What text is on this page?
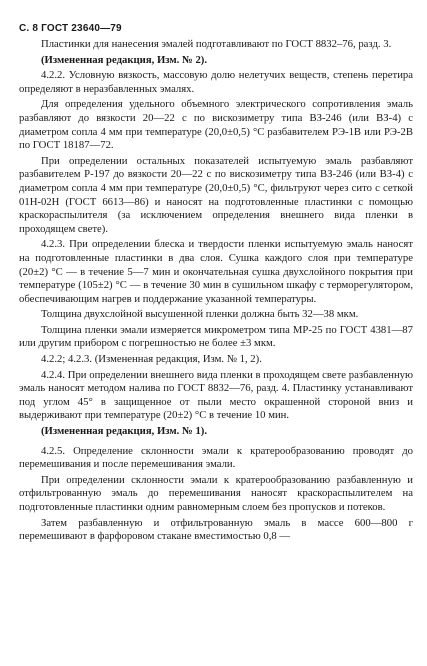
С. 8 ГОСТ 23640—79

Пластинки для нанесения эмалей подготавливают по ГОСТ 8832–76, разд. 3.

(Измененная редакция, Изм. № 2).

4.2.2. Условную вязкость, массовую долю нелетучих веществ, степень перетира определяют в неразбавленных эмалях.

Для определения удельного объемного электрического сопротивления эмаль разбавляют до вязкости 20—22 с по вискозиметру типа ВЗ-246 (или ВЗ-4) с диаметром сопла 4 мм при температуре (20,0±0,5) °С разбавителем РЭ-1В или РЭ-2В по ГОСТ 18187—72.

При определении остальных показателей испытуемую эмаль разбавляют разбавителем Р-197 до вязкости 20—22 с по вискозиметру типа ВЗ-246 (или ВЗ-4) с диаметром сопла 4 мм при температуре (20,0±0,5) °С, фильтруют через сито с сеткой 01Н-02Н (ГОСТ 6613—86) и наносят на подготовленные пластинки с помощью краскораспылителя (за исключением определения внешнего вида пленки в проходящем свете).

4.2.3. При определении блеска и твердости пленки испытуемую эмаль наносят на подготовленные пластинки в два слоя. Сушка каждого слоя при температуре (20±2) °С — в течение 5—7 мин и окончательная сушка двухслойного покрытия при температуре (105±2) °С — в течение 30 мин в сушильном шкафу с терморегулятором, обеспечивающим нагрев и поддержание указанной температуры.

Толщина двухслойной высушенной пленки должна быть 32—38 мкм.

Толщина пленки эмали измеряется микрометром типа МР-25 по ГОСТ 4381—87 или другим прибором с погрешностью не более ±3 мкм.

4.2.2; 4.2.3. (Измененная редакция, Изм. № 1, 2).

4.2.4. При определении внешнего вида пленки в проходящем свете разбавленную эмаль наносят методом налива по ГОСТ 8832—76, разд. 4. Пластинку устанавливают под углом 45° в защищенное от пыли место окрашенной стороной вниз и выдерживают при температуре (20±2) °С в течение 10 мин.

(Измененная редакция, Изм. № 1).

4.2.5. Определение склонности эмали к кратерообразованию проводят до перемешивания и после перемешивания эмали.

При определении склонности эмали к кратерообразованию разбавленную и отфильтрованную эмаль до перемешивания наносят краскораспылителем на подготовленные пластинки одним равномерным слоем без пропусков и потеков.

Затем разбавленную и отфильтрованную эмаль в массе 600—800 г перемешивают в фарфоровом стакане вместимостью 0,8 —
